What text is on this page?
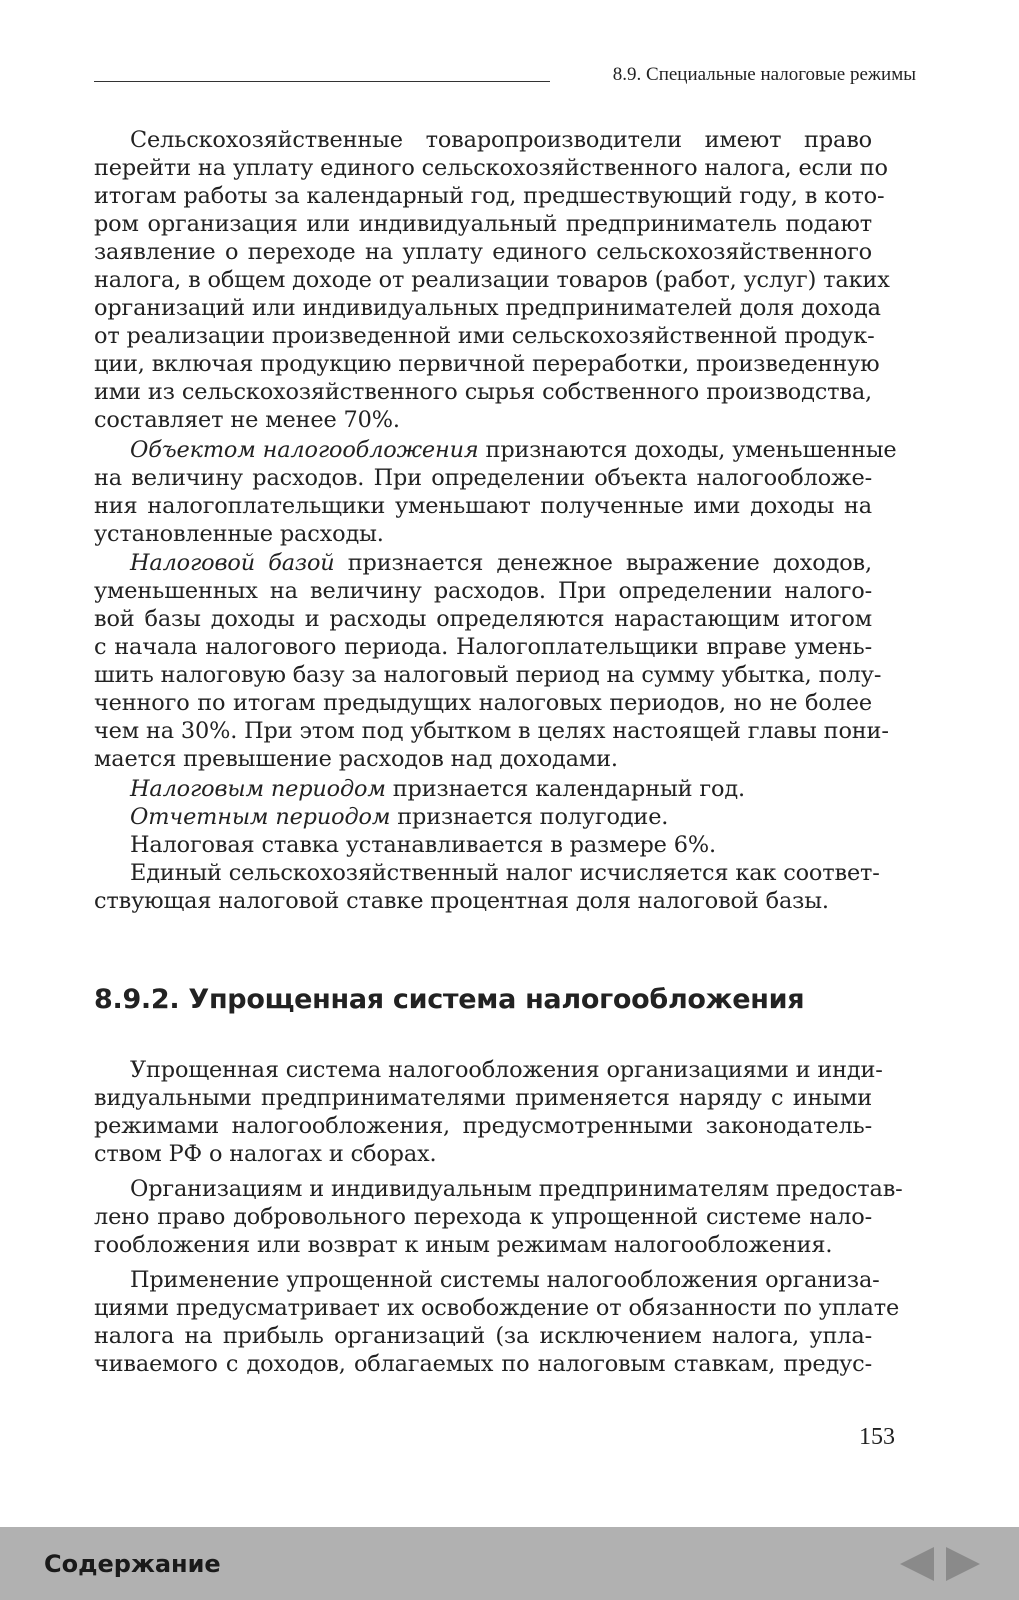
8.9. Специальные налоговые режимы
Сельскохозяйственные товаропроизводители имеют право
перейти на уплату единого сельскохозяйственного налога, если по
итогам работы за календарный год, предшествующий году, в кото-
ром организация или индивидуальный предприниматель подают
заявление о переходе на уплату единого сельскохозяйственного
налога, в общем доходе от реализации товаров (работ, услуг) таких
организаций или индивидуальных предпринимателей доля дохода
от реализации произведенной ими сельскохозяйственной продук-
ции, включая продукцию первичной переработки, произведенную
ими из сельскохозяйственного сырья собственного производства,
составляет не менее 70%.
Объектом налогообложения признаются доходы, уменьшенные
на величину расходов. При определении объекта налогообложе-
ния налогоплательщики уменьшают полученные ими доходы на
установленные расходы.
Налоговой базой признается денежное выражение доходов,
уменьшенных на величину расходов. При определении налого-
вой базы доходы и расходы определяются нарастающим итогом
с начала налогового периода. Налогоплательщики вправе умень-
шить налоговую базу за налоговый период на сумму убытка, полу-
ченного по итогам предыдущих налоговых периодов, но не более
чем на 30%. При этом под убытком в целях настоящей главы пони-
мается превышение расходов над доходами.
Налоговым периодом признается календарный год.
Отчетным периодом признается полугодие.
Налоговая ставка устанавливается в размере 6%.
Единый сельскохозяйственный налог исчисляется как соответ-
ствующая налоговой ставке процентная доля налоговой базы.
8.9.2. Упрощенная система налогообложения
Упрощенная система налогообложения организациями и инди-
видуальными предпринимателями применяется наряду с иными
режимами налогообложения, предусмотренными законодатель-
ством РФ о налогах и сборах.
Организациям и индивидуальным предпринимателям предостав-
лено право добровольного перехода к упрощенной системе нало-
гообложения или возврат к иным режимам налогообложения.
Применение упрощенной системы налогообложения организа-
циями предусматривает их освобождение от обязанности по уплате
налога на прибыль организаций (за исключением налога, упла-
чиваемого с доходов, облагаемых по налоговым ставкам, предус-
153
Содержание
